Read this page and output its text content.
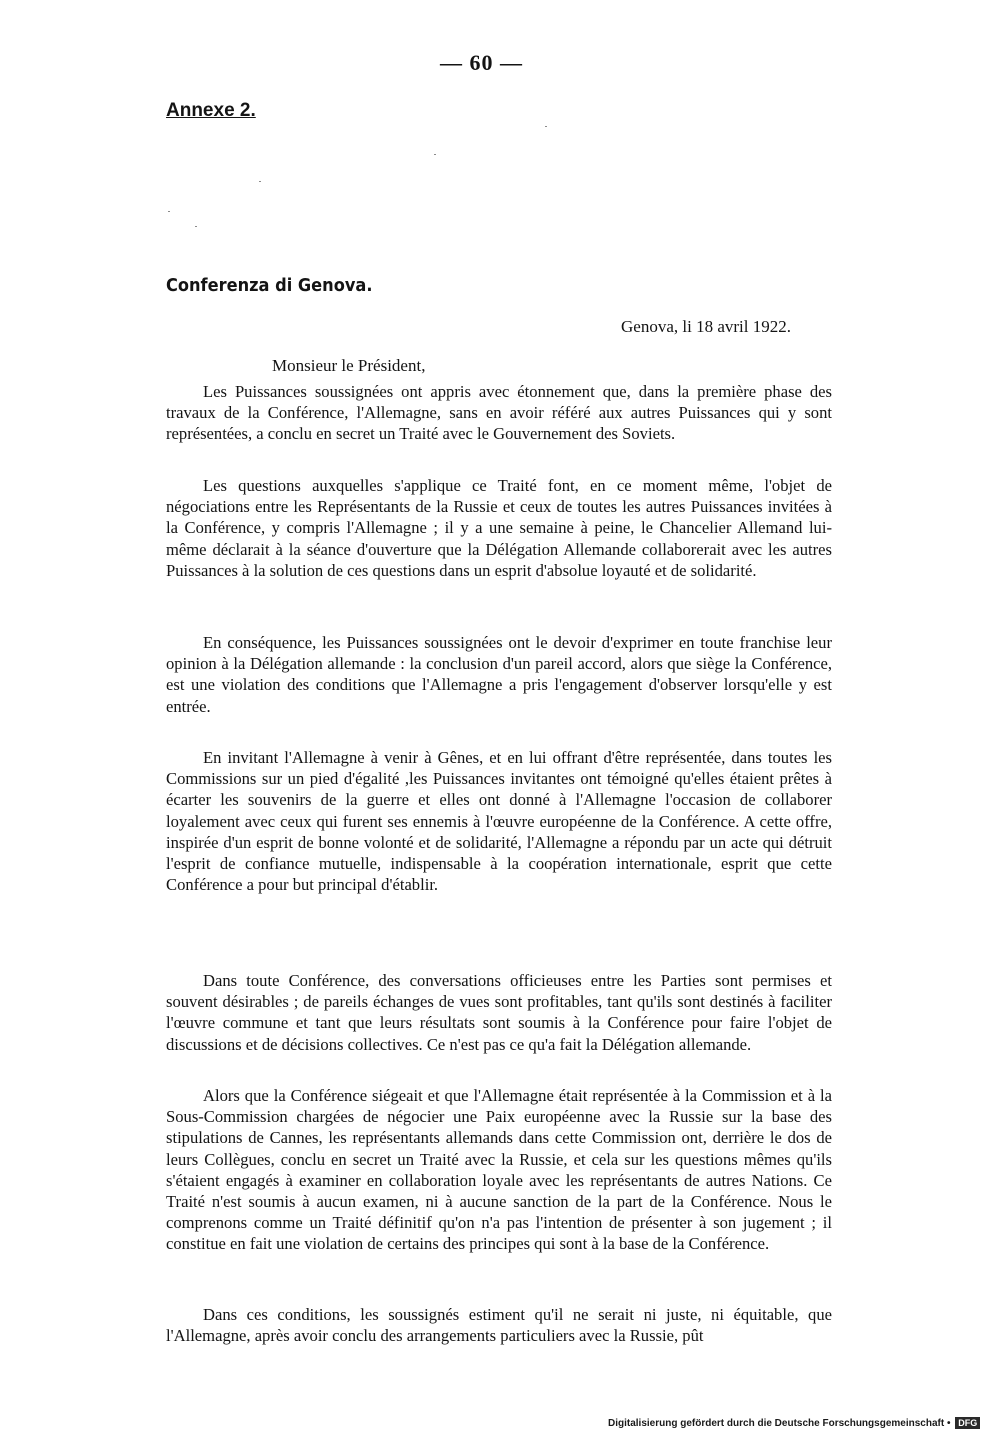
— 60 —
Annexe 2.
Conferenza di Genova.
Genova, li 18 avril 1922.
Monsieur le Président,

Les Puissances soussignées ont appris avec étonnement que, dans la première phase des travaux de la Conférence, l'Allemagne, sans en avoir référé aux autres Puissances qui y sont représentées, a conclu en secret un Traité avec le Gouvernement des Soviets.

Les questions auxquelles s'applique ce Traité font, en ce moment même, l'objet de négociations entre les Représentants de la Russie et ceux de toutes les autres Puissances invitées à la Conférence, y compris l'Allemagne ; il y a une semaine à peine, le Chancelier Allemand lui-même déclarait à la séance d'ouverture que la Délégation Allemande collaborerait avec les autres Puissances à la solution de ces questions dans un esprit d'absolue loyauté et de solidarité.

En conséquence, les Puissances soussignées ont le devoir d'exprimer en toute franchise leur opinion à la Délégation allemande : la conclusion d'un pareil accord, alors que siège la Conférence, est une violation des conditions que l'Allemagne a pris l'engagement d'observer lorsqu'elle y est entrée.

En invitant l'Allemagne à venir à Gênes, et en lui offrant d'être représentée, dans toutes les Commissions sur un pied d'égalité ,les Puissances invitantes ont témoigné qu'elles étaient prêtes à écarter les souvenirs de la guerre et elles ont donné à l'Allemagne l'occasion de collaborer loyalement avec ceux qui furent ses ennemis à l'œuvre européenne de la Conférence. A cette offre, inspirée d'un esprit de bonne volonté et de solidarité, l'Allemagne a répondu par un acte qui détruit l'esprit de confiance mutuelle, indispensable à la coopération internationale, esprit que cette Conférence a pour but principal d'établir.

Dans toute Conférence, des conversations officieuses entre les Parties sont permises et souvent désirables ; de pareils échanges de vues sont profitables, tant qu'ils sont destinés à faciliter l'œuvre commune et tant que leurs résultats sont soumis à la Conférence pour faire l'objet de discussions et de décisions collectives. Ce n'est pas ce qu'a fait la Délégation allemande.

Alors que la Conférence siégeait et que l'Allemagne était représentée à la Commission et à la Sous-Commission chargées de négocier une Paix européenne avec la Russie sur la base des stipulations de Cannes, les représentants allemands dans cette Commission ont, derrière le dos de leurs Collègues, conclu en secret un Traité avec la Russie, et cela sur les questions mêmes qu'ils s'étaient engagés à examiner en collaboration loyale avec les représentants de autres Nations. Ce Traité n'est soumis à aucun examen, ni à aucune sanction de la part de la Conférence. Nous le comprenons comme un Traité définitif qu'on n'a pas l'intention de présenter à son jugement ; il constitue en fait une violation de certains des principes qui sont à la base de la Conférence.

Dans ces conditions, les soussignés estiment qu'il ne serait ni juste, ni équitable, que l'Allemagne, après avoir conclu des arrangements particuliers avec la Russie, pût

Digitalisierung gefördert durch die Deutsche Forschungsgemeinschaft • DFG
